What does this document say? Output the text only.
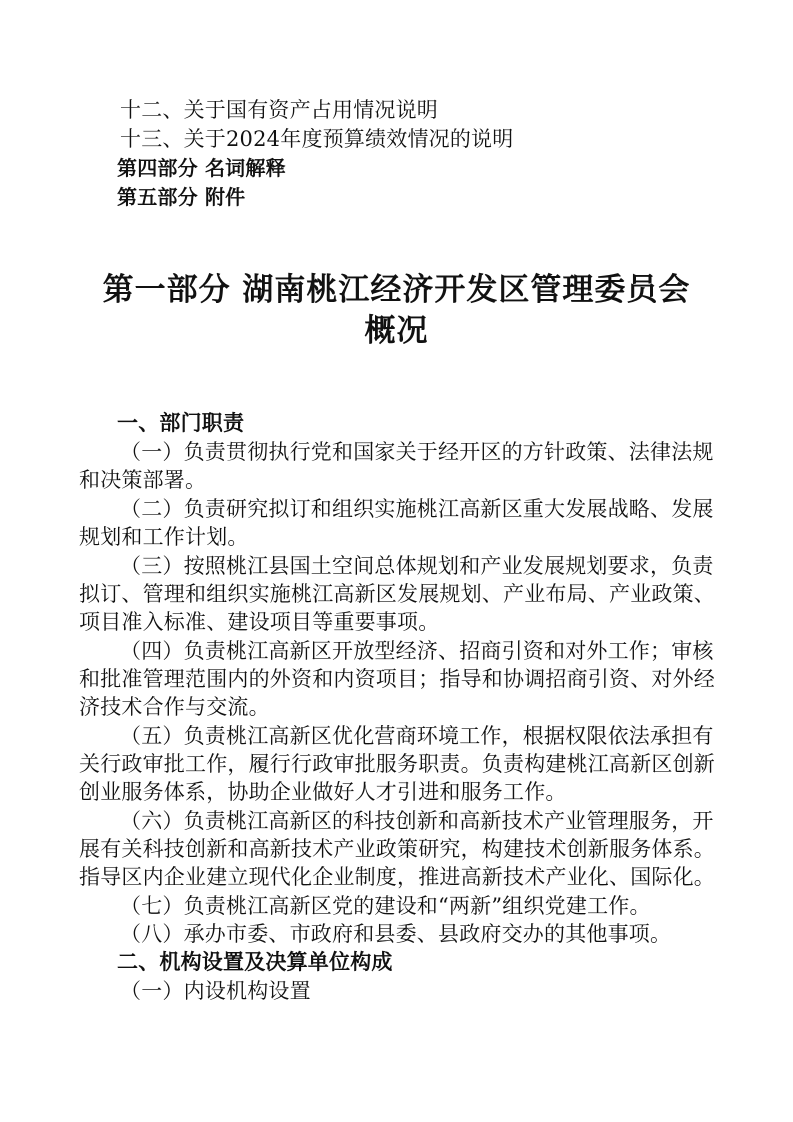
十二、关于国有资产占用情况说明
十三、关于2024年度预算绩效情况的说明
第四部分 名词解释
第五部分 附件
第一部分 湖南桃江经济开发区管理委员会
概况
一、部门职责
（一）负责贯彻执行党和国家关于经开区的方针政策、法律法规
和决策部署。
（二）负责研究拟订和组织实施桃江高新区重大发展战略、发展
规划和工作计划。
（三）按照桃江县国土空间总体规划和产业发展规划要求，负责
拟订、管理和组织实施桃江高新区发展规划、产业布局、产业政策、
项目准入标准、建设项目等重要事项。
（四）负责桃江高新区开放型经济、招商引资和对外工作；审核
和批准管理范围内的外资和内资项目；指导和协调招商引资、对外经
济技术合作与交流。
（五）负责桃江高新区优化营商环境工作，根据权限依法承担有
关行政审批工作，履行行政审批服务职责。负责构建桃江高新区创新
创业服务体系，协助企业做好人才引进和服务工作。
（六）负责桃江高新区的科技创新和高新技术产业管理服务，开
展有关科技创新和高新技术产业政策研究，构建技术创新服务体系。
指导区内企业建立现代化企业制度，推进高新技术产业化、国际化。
（七）负责桃江高新区党的建设和“两新”组织党建工作。
（八）承办市委、市政府和县委、县政府交办的其他事项。
二、机构设置及决算单位构成
（一）内设机构设置
